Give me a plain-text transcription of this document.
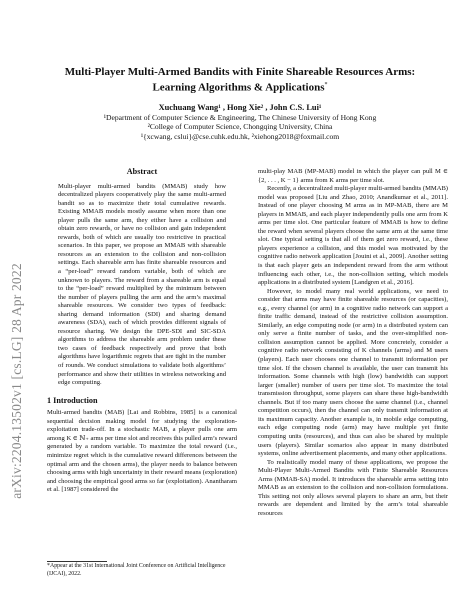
arXiv:2204.13502v1 [cs.LG] 28 Apr 2022
Multi-Player Multi-Armed Bandits with Finite Shareable Resources Arms:
Learning Algorithms & Applications*
Xuchuang Wang¹ , Hong Xie² , John C.S. Lui¹
¹Department of Computer Science & Engineering, The Chinese University of Hong Kong
²College of Computer Science, Chongqing University, China
¹{xcwang, cslui}@cse.cuhk.edu.hk, ²xiehong2018@foxmail.com
Abstract

Multi-player multi-armed bandits (MMAB) study how decentralized players cooperatively play the same multi-armed bandit so as to maximize their total cumulative rewards. Existing MMAB models mostly assume when more than one player pulls the same arm, they either have a collision and obtain zero rewards, or have no collision and gain independent rewards, both of which are usually too restrictive in practical scenarios. In this paper, we propose an MMAB with shareable resources as an extension to the collision and non-collision settings. Each shareable arm has finite shareable resources and a “per-load” reward random variable, both of which are unknown to players. The reward from a shareable arm is equal to the “per-load” reward multiplied by the minimum between the number of players pulling the arm and the arm’s maximal shareable resources. We consider two types of feedback: sharing demand information (SDI) and sharing demand awareness (SDA), each of which provides different signals of resource sharing. We design the DPE-SDI and SIC-SDA algorithms to address the shareable arm problem under these two cases of feedback respectively and prove that both algorithms have logarithmic regrets that are tight in the number of rounds. We conduct simulations to validate both algorithms’ performance and show their utilities in wireless networking and edge computing.

1 Introduction

Multi-armed bandits (MAB) [Lai and Robbins, 1985] is a canonical sequential decision making model for studying the exploration-exploitation trade-off. In a stochastic MAB, a player pulls one arm among K ∈ ℕ₊ arms per time slot and receives this pulled arm’s reward generated by a random variable. To maximize the total reward (i.e., minimize regret which is the cumulative reward differences between the optimal arm and the chosen arms), the player needs to balance between choosing arms with high uncertainty in their reward means (exploration) and choosing the empirical good arms so far (exploitation). Anantharam et al. [1987] considered the

*Appear at the 31st International Joint Conference on Artificial Intelligence (IJCAI), 2022.

multi-play MAB (MP-MAB) model in which the player can pull M ∈ {2, . . . , K − 1} arms from K arms per time slot.

Recently, a decentralized multi-player multi-armed bandits (MMAB) model was proposed [Liu and Zhao, 2010; Anandkumar et al., 2011]. Instead of one player choosing M arms as in MP-MAB, there are M players in MMAB, and each player independently pulls one arm from K arms per time slot. One particular feature of MMAB is how to define the reward when several players choose the same arm at the same time slot. One typical setting is that all of them get zero reward, i.e., these players experience a collision, and this model was motivated by the cognitive radio network application [Jouini et al., 2009]. Another setting is that each player gets an independent reward from the arm without influencing each other, i.e., the non-collision setting, which models applications in a distributed system [Landgren et al., 2016].

However, to model many real world applications, we need to consider that arms may have finite shareable resources (or capacities), e.g., every channel (or arm) in a cognitive radio network can support a finite traffic demand, instead of the restrictive collision assumption. Similarly, an edge computing node (or arm) in a distributed system can only serve a finite number of tasks, and the over-simplified non-collision assumption cannot be applied. More concretely, consider a cognitive radio network consisting of K channels (arms) and M users (players). Each user chooses one channel to transmit information per time slot. If the chosen channel is available, the user can transmit his information. Some channels with high (low) bandwidth can support larger (smaller) number of users per time slot. To maximize the total transmission throughput, some players can share these high-bandwidth channels. But if too many users choose the same channel (i.e., channel competition occurs), then the channel can only transmit information at its maximum capacity. Another example is, in mobile edge computing, each edge computing node (arm) may have multiple yet finite computing units (resources), and thus can also be shared by multiple users (players). Similar scenarios also appear in many distributed systems, online advertisement placements, and many other applications.

To realistically model many of these applications, we propose the Multi-Player Multi-Armed Bandits with Finite Shareable Resources Arms (MMAB-SA) model. It introduces the shareable arms setting into MMAB as an extension to the collision and non-collision formulations. This setting not only allows several players to share an arm, but their rewards are dependent and limited by the arm’s total shareable resources
